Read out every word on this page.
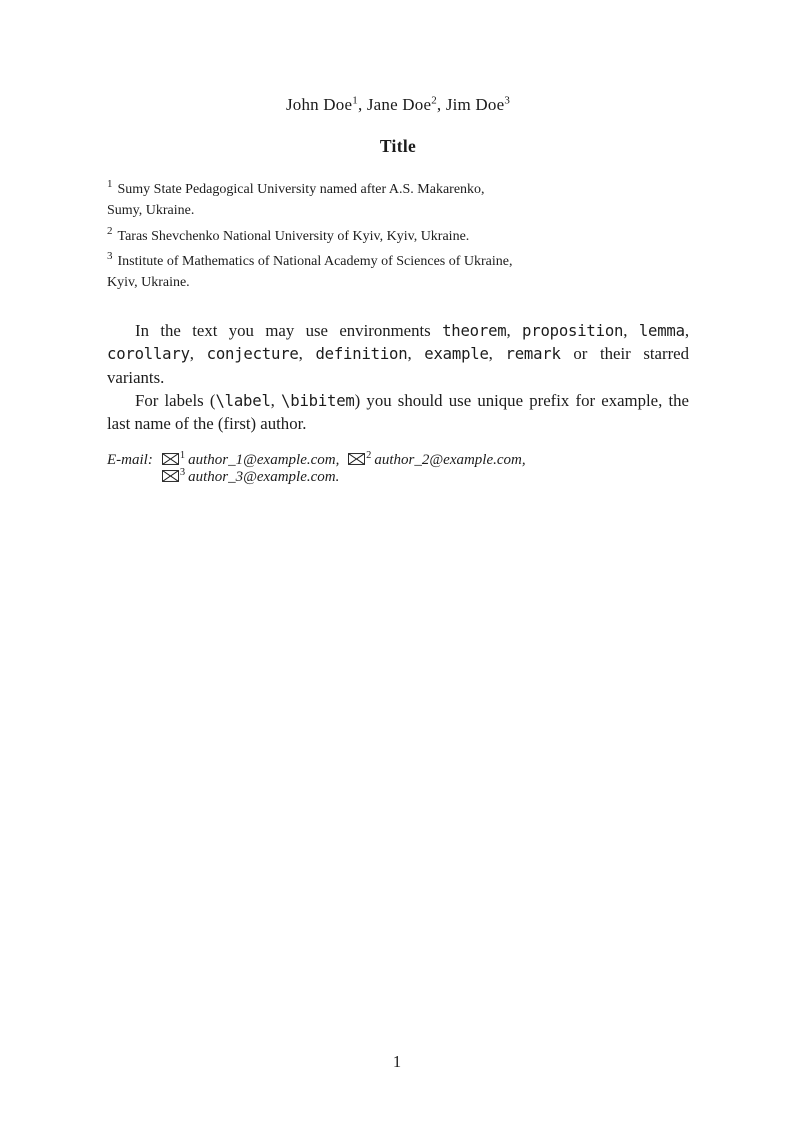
John Doe$^1$, Jane Doe$^2$, Jim Doe$^3$
Title
$^1$ Sumy State Pedagogical University named after A.S. Makarenko,
Sumy, Ukraine.
$^2$ Taras Shevchenko National University of Kyiv, Kyiv, Ukraine.
$^3$ Institute of Mathematics of National Academy of Sciences of Ukraine,
Kyiv, Ukraine.

In the text you may use environments theorem, proposition, lemma, corollary, conjecture, definition, example, remark or their starred variants.

For labels (\label, \bibitem) you should use unique prefix for example, the last name of the (first) author.

E-mail:	$^1$ author_1@example.com,	$^2$ author_2@example.com,
$^3$ author_3@example.com.
1
